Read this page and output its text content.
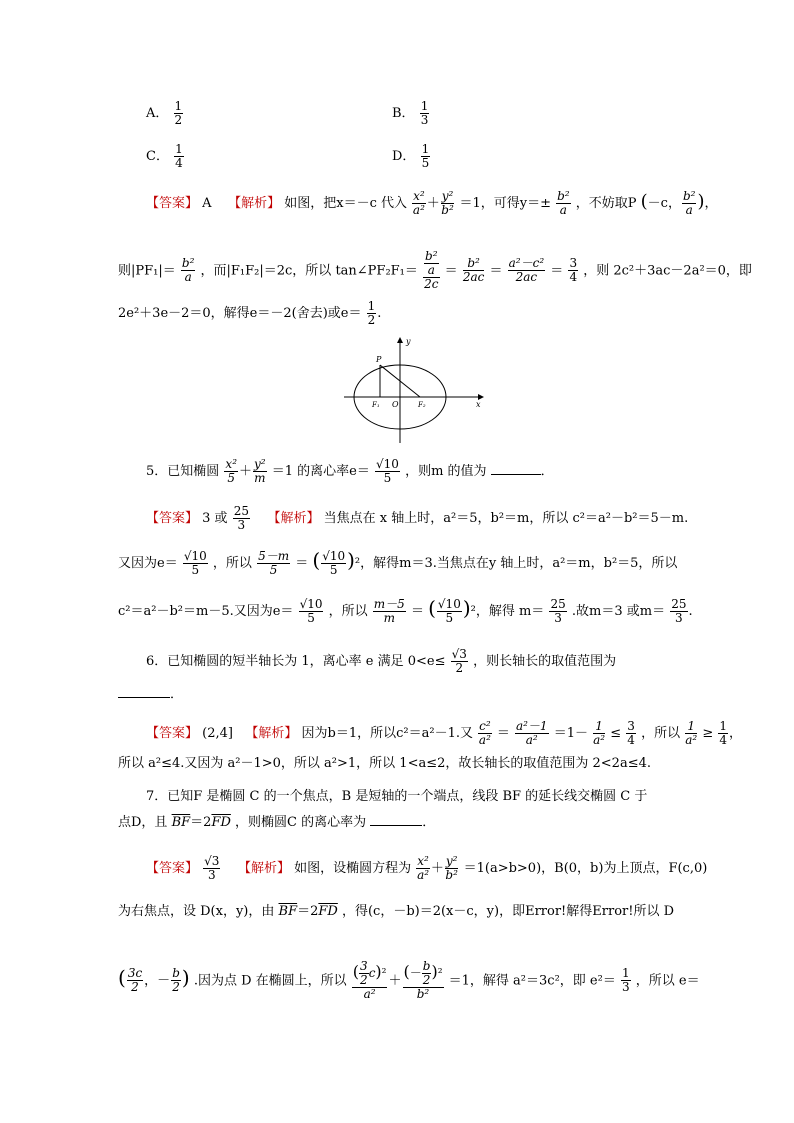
A． $\frac{1}{2}$	B． $\frac{1}{3}$
C． $\frac{1}{4}$	D． $\frac{1}{5}$
【答案】 A 【解析】 如图，把x＝－c 代入 $\frac{\text{x²}}{\text{a²}} + \frac{\text{y²}}{\text{b²}} =1$，可得$y=\pm \frac{\text{b²}}{a}$ ，不妨取P (－c， $\frac{\text{b²}}{a}$ )，
则$|PF_1|= \frac{\text{b²}}{a}$ ，而|F₁F₂|＝2c，所以 tan∠PF₂F₁＝ $\frac{\frac{\text{b²}}{a}}{2c} = \frac{\text{b²}}{2ac} = \frac{\text{a²－c²}}{2ac} = \frac{3}{4}$ ，则 2c²＋3ac－2a²＝0，即
2e²＋3e－2＝0，解得e＝－2(舍去)或$e= \frac{1}{2}$ .
y
x
P
F₁ O	F₂
5．已知椭圆 $\frac{\text{x²}}{5} + \frac{\text{y²}}{m} =1$ 的离心率$e= \frac{√10}{5}$ ，则m 的值为	．
【答案】 3 或 $\frac{25}{3}$ 【解析】 当焦点在 x 轴上时，a²＝5，b²＝m，所以 c²＝a²－b²＝5－m.
又因为$e= \frac{√10}{5}$ ，所以 $\frac{5-m}{5}$ ＝ ( $\frac{√10}{5} )^2$，解得m＝3.当焦点在y 轴上时，a²＝m，b²＝5，所以
c²＝a²－b²＝m－5.又因为$e= \frac{√10}{5}$ ，所以 $\frac{m-5}{m}$ ＝ ( $\frac{√10}{5} )^2$，解得 $m= \frac{25}{3}$ .故m＝3 或$m= \frac{25}{3}$ .
6．已知椭圆的短半轴长为 1，离心率 e 满足 $0<e\le \frac{√3}{2}$ ，则长轴长的取值范围为
．
【答案】 (2,4] 【解析】 因为b＝1，所以c²＝a²－1.又 $\frac{\text{c²}}{\text{a²}} = \frac{\text{a²－1}}{\text{a²}} =1- \frac{1}{\text{a²}} \le \frac{3}{4}$ ，所以 $\frac{1}{\text{a²}} \ge \frac{1}{4}$ ，
所以 a²≤4.又因为 a²－1>0，所以 a²>1，所以 1<a≤2，故长轴长的取值范围为 2<2a≤4.
7．已知F 是椭圆 C 的一个焦点，B 是短轴的一个端点，线段 BF 的延长线交椭圆 C 于
点D，且 $\overline{BF}=2\overline{FD}$ ，则椭圆C 的离心率为	．
【答案】 $\frac{√3}{3}$ 【解析】 如图，设椭圆方程为 $\frac{\text{x²}}{\text{a²}} + \frac{\text{y²}}{\text{b²}} =1(a>b>0)$，B(0，b)为上顶点，F(c,0)
为右焦点，设 D(x，y)，由 $\overline{BF}=2\overline{FD}$ ，得(c，－b)＝2(x－c，y)，即Error!解得Error!所以 D
( $\frac{3c}{2}$ ，－ $\frac{b}{2}$ ) .因为点 D 在椭圆上，所以 $\frac{( \frac{3}{2} c)^2}{\text{a²}} + \frac{(- \frac{b}{2} )^2}{\text{b²}} =1$，解得 a²＝3c²，即 $e^2= \frac{1}{3}$ ，所以 e＝
